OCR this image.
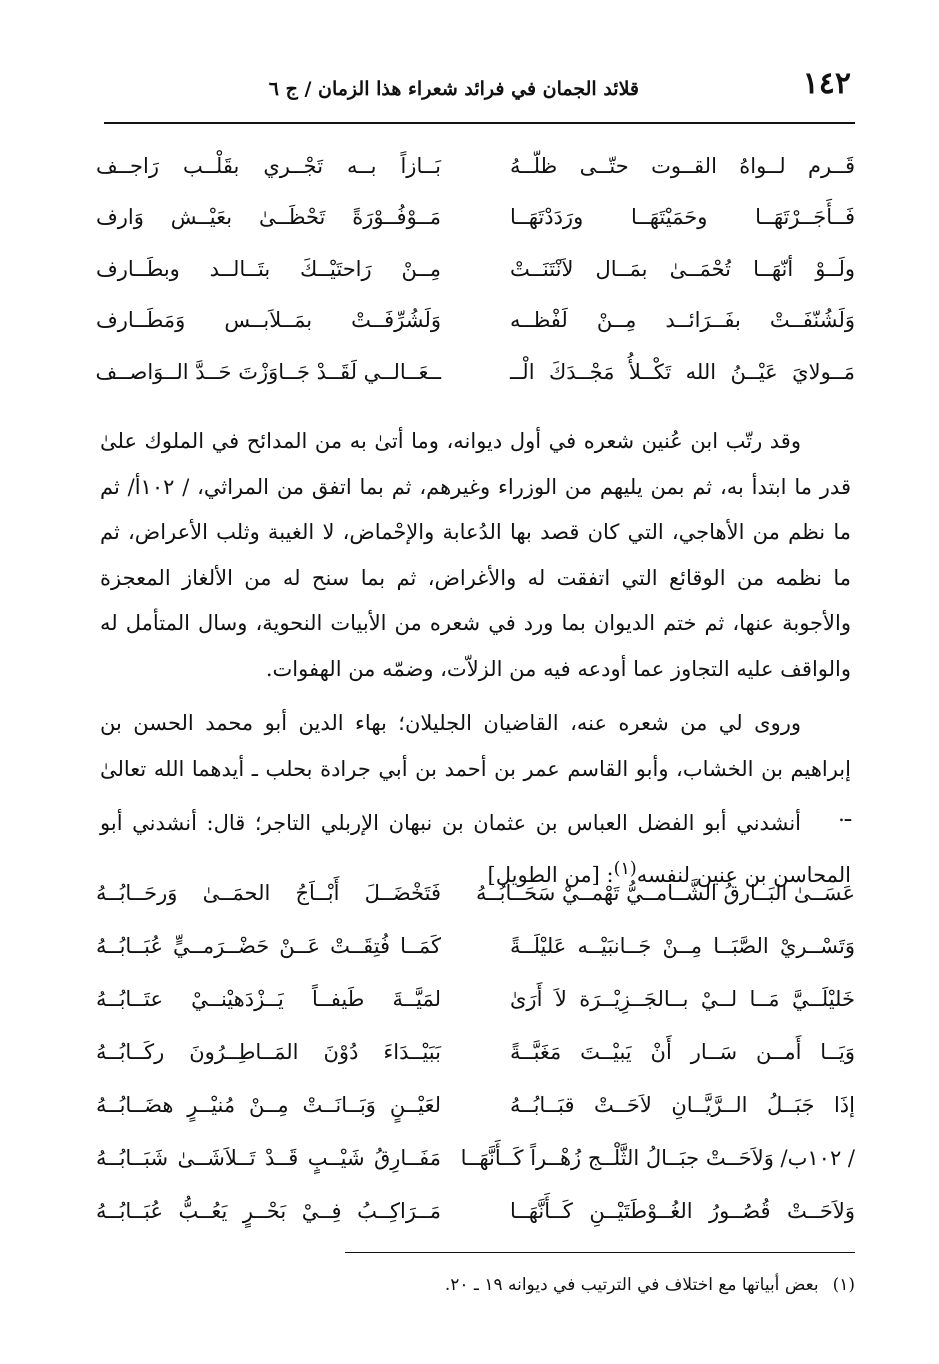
١٤٢
قلائد الجمان في فرائد شعراء هذا الزمان / ج ٦
قَــرم لــواهُ القــوت حتّــى ظلّــهُ
بَــازاً بــه تَجْــري بقَلْــب رَاجــف
فَــأَجَــرْتَهَــا وحَمَيْتَهَــا ورَدَدْتَهَــا
مَــوْفُــوْرَةً تَحْظَــىٰ بعَيْــش وَارف
ولَــوْ أنّهَــا تُحْمَــىٰ بمَــال لاَنْتَنَــتْ
مِــنْ رَاحتَيْــكَ بتَــالــد وبطَــارف
وَلَشُنّفَــتْ بفَــرَائــد مِــنْ لَفْظــه
وَلَشُرِّفَــتْ بمَــلاَبــس وَمَطَــارف
مَــولايَ عَيْــنُ الله تَكْــلأُ مَجْــدَكَ الْــ
ــعَــالــي لَقَــدْ جَــاوَزْتَ حَــدَّ الــوَاصــف

وقد رتّب ابن عُنين شعره في أول ديوانه، وما أتىٰ به من المدائح في الملوك علىٰ قدر ما ابتدأ به، ثم بمن يليهم من الوزراء وغيرهم، ثم بما اتفق من المراثي، / ١٠٢أ/ ثم ما نظم من الأهاجي، التي كان قصد بها الدُعابة والإحْماض، لا الغيبة وثلب الأعراض، ثم ما نظمه من الوقائع التي اتفقت له والأغراض، ثم بما سنح له من الألغاز المعجزة والأجوبة عنها، ثم ختم الديوان بما ورد في شعره من الأبيات النحوية، وسال المتأمل له والواقف عليه التجاوز عما أودعه فيه من الزلاّت، وضمّه من الهفوات.

وروى لي من شعره عنه، القاضيان الجليلان؛ بهاء الدين أبو محمد الحسن بن إبراهيم بن الخشاب، وأبو القاسم عمر بن أحمد بن أبي جرادة بحلب ـ أيدهما الله تعالىٰ ـ.

أنشدني أبو الفضل العباس بن عثمان بن نبهان الإربلي التاجر؛ قال: أنشدني أبو المحاسن بن عنين لنفسه$^{(١)}$: [من الطويل]

عَسَــىٰ البَــارقُ الشَّــامــيُّ تَهْمــيْ سَحَــابُــهُ
فَتَخْضَــلَ أَبْــاَجُ الحمَــىٰ وَرحَــابُــهُ
وَتَسْــريْ الصَّبَــا مِــنْ جَــانبَيْــه عَليْلَــةً
كَمَــا فُتِقَــتْ عَــنْ حَضْــرَمــيٍّ عُبَــابُــهُ
خَليْلَــيَّ مَــا لــيْ بــالجَــزِيْــرَة لاَ أَرَىٰ
لمَيَّــةَ طَيفــاً يَــزْدَهيْنــيْ عتَــابُــهُ
وَيَــا أَمــن سَــار أَنْ يَبيْــتَ مَغَبَّــةً
بَبَيْــدَاءَ دُوْنَ المَــاطِــرُونَ ركَــابُــهُ
إذَا جَبَــلُ الــرَّيَّــانِ لاَحَــتْ قبَــابُــهُ
لعَيْــنٍ وَبَــانَــتْ مِــنْ مُنيْــرٍ هضَــابُــهُ
/ ١٠٢ب/ وَلاَحَــتْ جبَــالُ الثَّلْــج زُهْــراً كَــأَنَّهَــا
مَفَــارِقُ شَيْــبٍ قَــدْ تَــلاَشَــىٰ شَبَــابُــهُ
وَلاَحَــتْ قُصُــورُ الغُــوْطَتَيْــنِ كَــأَنَّهَــا
مَــرَاكِــبُ فِــيْ بَحْــرٍ يَعُــبُّ عُبَــابُــهُ
(١)بعض أبياتها مع اختلاف في الترتيب في ديوانه ١٩ ـ ٢٠.
